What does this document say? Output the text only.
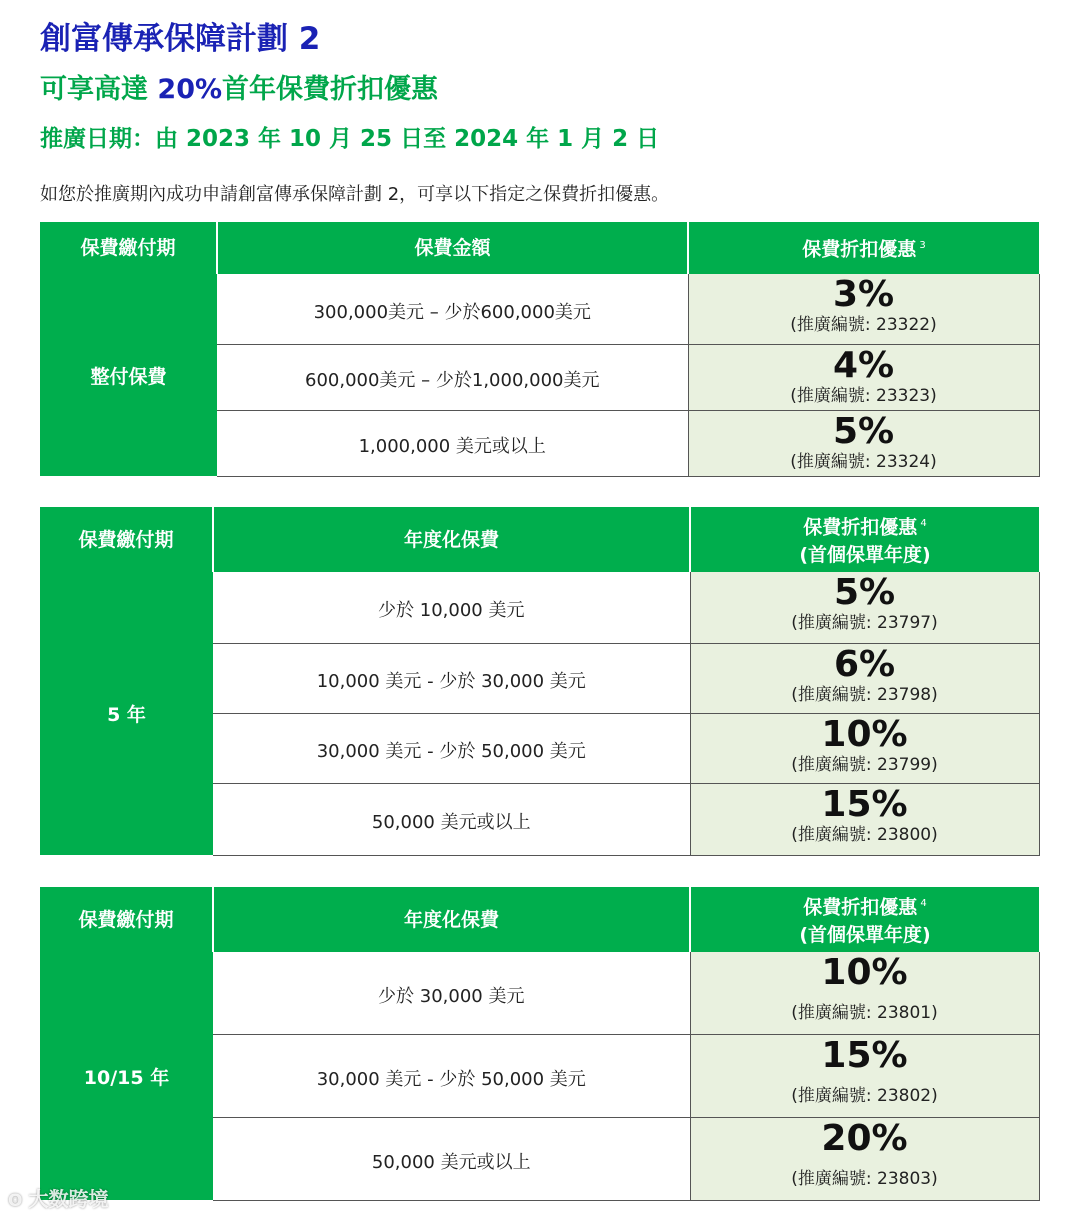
創富傳承保障計劃 2
可享高達 20%首年保費折扣優惠
推廣日期：由 2023 年 10 月 25 日至 2024 年 1 月 2 日
如您於推廣期內成功申請創富傳承保障計劃 2，可享以下指定之保費折扣優惠。
保費繳付期	保費金額	保費折扣優惠 $^3$
整付保費	300,000美元 – 少於600,000美元	3%
(推廣編號: 23322)

	600,000美元 – 少於1,000,000美元	4%
(推廣編號: 23323)

	1,000,000 美元或以上	5%
(推廣編號: 23324)
保費繳付期	年度化保費	保費折扣優惠 $^4$
(首個保單年度)

5 年	少於 10,000 美元	5%
(推廣編號: 23797)

	10,000 美元 - 少於 30,000 美元	6%
(推廣編號: 23798)

	30,000 美元 - 少於 50,000 美元	10%
(推廣編號: 23799)

	50,000 美元或以上	15%
(推廣編號: 23800)
保費繳付期	年度化保費	保費折扣優惠 $^4$
(首個保單年度)

10/15 年	少於 30,000 美元	10%
(推廣編號: 23801)

	30,000 美元 - 少於 50,000 美元	15%
(推廣編號: 23802)

	50,000 美元或以上	20%
(推廣編號: 23803)
ʘ 大数跨境
